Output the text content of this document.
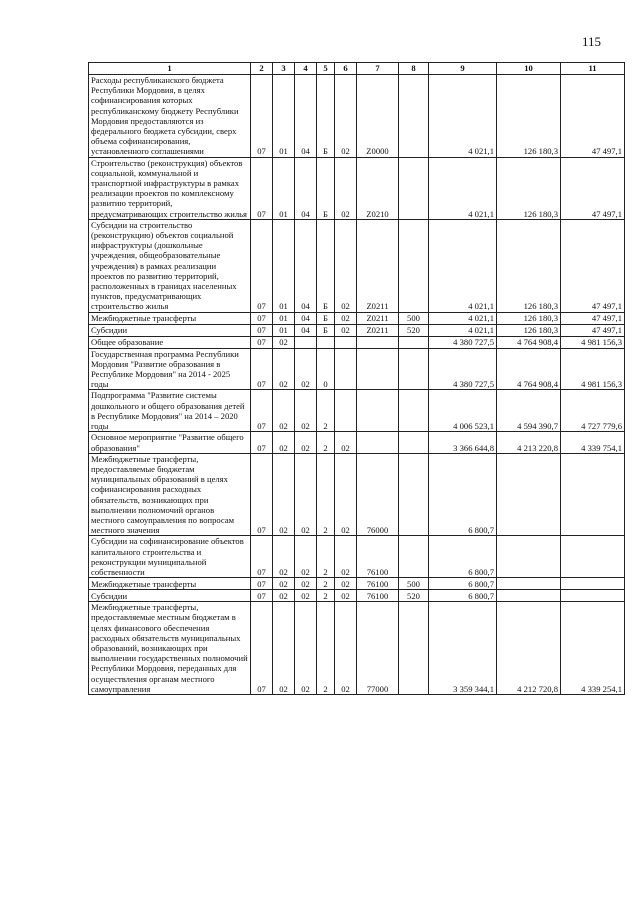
115
1	2	3	4	5	6	7	8	9	10	11
Расходы республиканского бюджета Республики Мордовия, в целях софинансирования которых республиканскому бюджету Республики Мордовия предоставляются из федерального бюджета субсидии, сверх объема софинансирования, установленного соглашениями	07	01	04	Б	02	Z0000		4 021,1	126 180,3	47 497,1
Строительство (реконструкция) объектов социальной, коммунальной и транспортной инфраструктуры в рамках реализации проектов по комплексному развитию территорий, предусматривающих строительство жилья	07	01	04	Б	02	Z0210		4 021,1	126 180,3	47 497,1
Субсидии на строительство (реконструкцию) объектов социальной инфраструктуры (дошкольные учреждения, общеобразовательные учреждения) в рамках реализации проектов по развитию территорий, расположенных в границах населенных пунктов, предусматривающих строительство жилья	07	01	04	Б	02	Z0211		4 021,1	126 180,3	47 497,1
Межбюджетные трансферты	07	01	04	Б	02	Z0211	500	4 021,1	126 180,3	47 497,1
Субсидии	07	01	04	Б	02	Z0211	520	4 021,1	126 180,3	47 497,1
Общее образование	07	02						4 380 727,5	4 764 908,4	4 981 156,3
Государственная программа Республики Мордовия "Развитие образования в Республике Мордовия" на 2014 - 2025 годы	07	02	02	0				4 380 727,5	4 764 908,4	4 981 156,3
Подпрограмма "Развитие системы дошкольного и общего образования детей в Республике Мордовия" на 2014 – 2020 годы	07	02	02	2				4 006 523,1	4 594 390,7	4 727 779,6
Основное мероприятие "Развитие общего образования"	07	02	02	2	02			3 366 644,8	4 213 220,8	4 339 754,1
Межбюджетные трансферты, предоставляемые бюджетам муниципальных образований в целях софинансирования расходных обязательств, возникающих при выполнении полномочий органов местного самоуправления по вопросам местного значения	07	02	02	2	02	76000		6 800,7		
Субсидии на софинансирование объектов капитального строительства и реконструкции муниципальной собственности	07	02	02	2	02	76100		6 800,7		
Межбюджетные трансферты	07	02	02	2	02	76100	500	6 800,7		
Субсидии	07	02	02	2	02	76100	520	6 800,7		
Межбюджетные трансферты, предоставляемые местным бюджетам в целях финансового обеспечения расходных обязательств муниципальных образований, возникающих при выполнении государственных полномочий Республики Мордовия, переданных для осуществления органам местного самоуправления	07	02	02	2	02	77000		3 359 344,1	4 212 720,8	4 339 254,1
